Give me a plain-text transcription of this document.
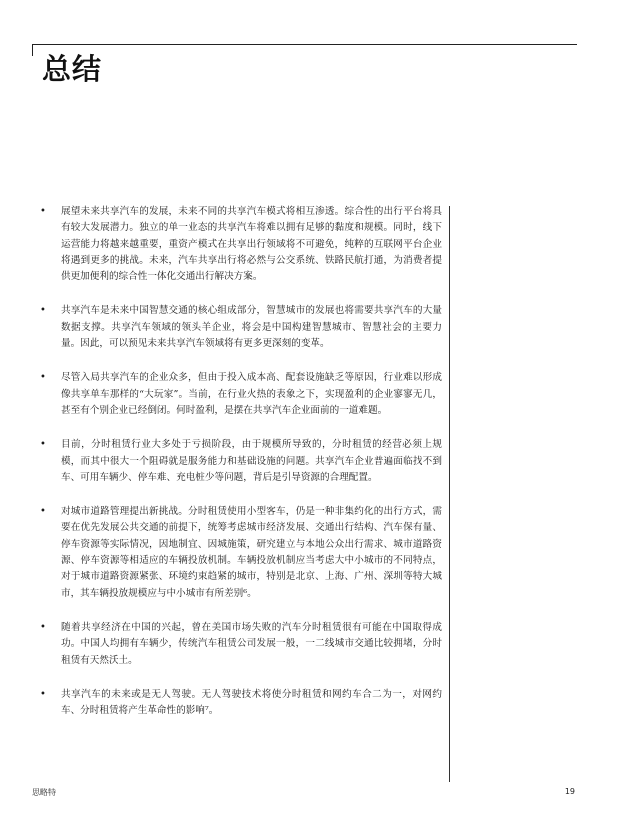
总结
• 展望未来共享汽车的发展，未来不同的共享汽车模式将相互渗透。综合性的出行平台将具有较大发展潜力。独立的单一业态的共享汽车将难以拥有足够的黏度和规模。同时，线下运营能力将越来越重要，重资产模式在共享出行领域将不可避免，纯粹的互联网平台企业将遇到更多的挑战。未来，汽车共享出行将必然与公交系统、铁路民航打通，为消费者提供更加便利的综合性一体化交通出行解决方案。
• 共享汽车是未来中国智慧交通的核心组成部分，智慧城市的发展也将需要共享汽车的大量数据支撑。共享汽车领域的领头羊企业，将会是中国构建智慧城市、智慧社会的主要力量。因此，可以预见未来共享汽车领域将有更多更深刻的变革。
• 尽管入局共享汽车的企业众多，但由于投入成本高、配套设施缺乏等原因，行业难以形成像共享单车那样的“大玩家”。当前，在行业火热的表象之下，实现盈利的企业寥寥无几，甚至有个别企业已经倒闭。何时盈利，是摆在共享汽车企业面前的一道难题。
• 目前，分时租赁行业大多处于亏损阶段，由于规模所导致的，分时租赁的经营必须上规模，而其中很大一个阻碍就是服务能力和基础设施的问题。共享汽车企业普遍面临找不到车、可用车辆少、停车难、充电桩少等问题，背后是引导资源的合理配置。
• 对城市道路管理提出新挑战。分时租赁使用小型客车，仍是一种非集约化的出行方式，需要在优先发展公共交通的前提下，统筹考虑城市经济发展、交通出行结构、汽车保有量、停车资源等实际情况，因地制宜、因城施策，研究建立与本地公众出行需求、城市道路资源、停车资源等相适应的车辆投放机制。车辆投放机制应当考虑大中小城市的不同特点，对于城市道路资源紧张、环境约束趋紧的城市，特别是北京、上海、广州、深圳等特大城市，其车辆投放规模应与中小城市有所差别⁶。
• 随着共享经济在中国的兴起，曾在美国市场失败的汽车分时租赁很有可能在中国取得成功。中国人均拥有车辆少，传统汽车租赁公司发展一般，一二线城市交通比较拥堵，分时租赁有天然沃土。
• 共享汽车的未来或是无人驾驶。无人驾驶技术将使分时租赁和网约车合二为一，对网约车、分时租赁将产生革命性的影响⁷。
思略特	19
